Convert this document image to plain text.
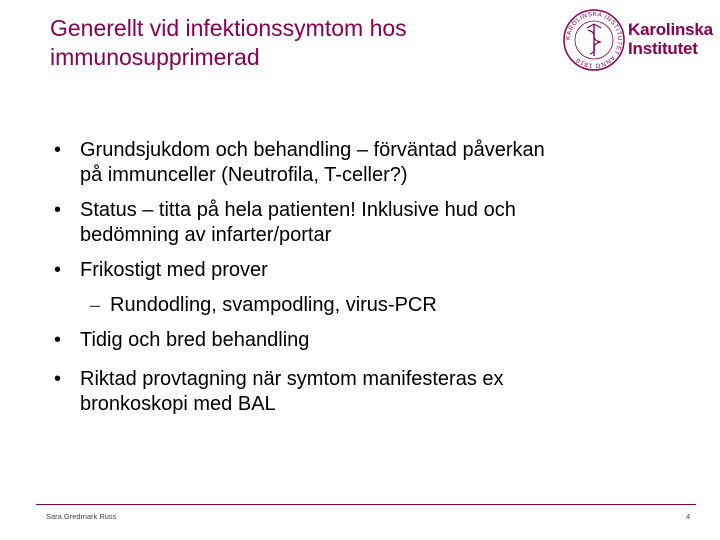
Generellt vid infektionssymtom hos
immunosupprimerad
KAROLINSKA INSTITUTET ANNO 1810
Karolinska
Institutet
• Grundsjukdom och behandling – förväntad påverkan
på immunceller (Neutrofila, T-celler?)
• Status – titta på hela patienten! Inklusive hud och
bedömning av infarter/portar
• Frikostigt med prover
– Rundodling, svampodling, virus-PCR
• Tidig och bred behandling
• Riktad provtagning när symtom manifesteras ex
bronkoskopi med BAL
Sara Gredmark Russ	4
